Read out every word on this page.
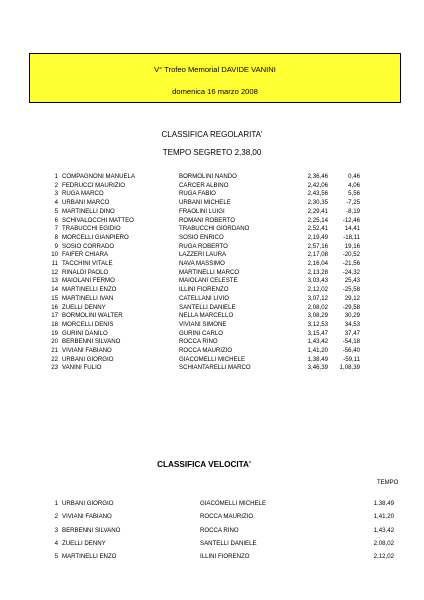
V° Trofeo Memorial DAVIDE VANINI
domenica 16 marzo 2008
CLASSIFICA REGOLARITA'
TEMPO SEGRETO 2,38,00
1 COMPAGNONI MANUELA	BORMOLINI NANDO	2,36,46	0,46
2 FEDRUCCI MAURIZIO	CARCER ALBINO	2,42,06	4,06
3 RUGA MARCO	RUGA FABIO	2,43,56	5,56
4 URBANI MARCO	URBANI MICHELE	2,30,35	-7,25
5 MARTINELLI DINO	FRAOLINI LUIGI	2,29,41	-8,19
6 SCHIVALOCCHI MATTEO	ROMANI ROBERTO	2,25,14	-12,46
7 TRABUCCHI EGIDIO	TRABUCCHI GIORDANO	2,52,41	14,41
8 MORCELLI GIANPIERO	SOSIO ENRICO	2,19,49	-18,11
9 SOSIO CORRADO	RUGA ROBERTO	2,57,16	19,16
10 FAIFER CHIARA	LAZZERI LAURA	2,17,08	-20,52
11 TACCHINI VITALE	NAVA MASSIMO	2,16,04	-21,56
12 RINALDI PAOLO	MARTINELLI MARCO	2,13,28	-24,32
13 MAIOLANI FERMO	MAIOLANI CELESTE	3,03,43	25,43
14 MARTINELLI ENZO	ILLINI FIORENZO	2,12,02	-25,58
15 MARTINELLI IVAN	CATELLANI LIVIO	3,07,12	29,12
16 ZUELLI DENNY	SANTELLI DANIELE	2,08,02	-29,58
17 BORMOLINI WALTER	NELLA MARCELLO	3,08,29	30,29
18 MORCELLI DENIS	VIVIANI SIMONE	3,12,53	34,53
19 GURINI DANILO	GURINI CARLO	3,15,47	37,47
20 BERBENNI SILVANO	ROCCA RINO	1,43,42	-54,18
21 VIVIANI FABIANO	ROCCA MAURIZIO	1,41,20	-56,40
22 URBANI GIORGIO	GIACOMELLI MICHELE	1,38,49	-59,11
23 VANINI FULIO	SCHIANTARELLI MARCO	3,46,39	1,08,39
CLASSIFICA VELOCITA'
TEMPO
1 URBANI GIORGIO	GIACOMELLI MICHELE	1,38,49
2 VIVIANI FABIANO	ROCCA MAURIZIO	1,41,20
3 BERBENNI SILVANO	ROCCA RINO	1,43,42
4 ZUELLI DENNY	SANTELLI DANIELE	2,08,02
5 MARTINELLI ENZO	ILLINI FIORENZO	2,12,02
